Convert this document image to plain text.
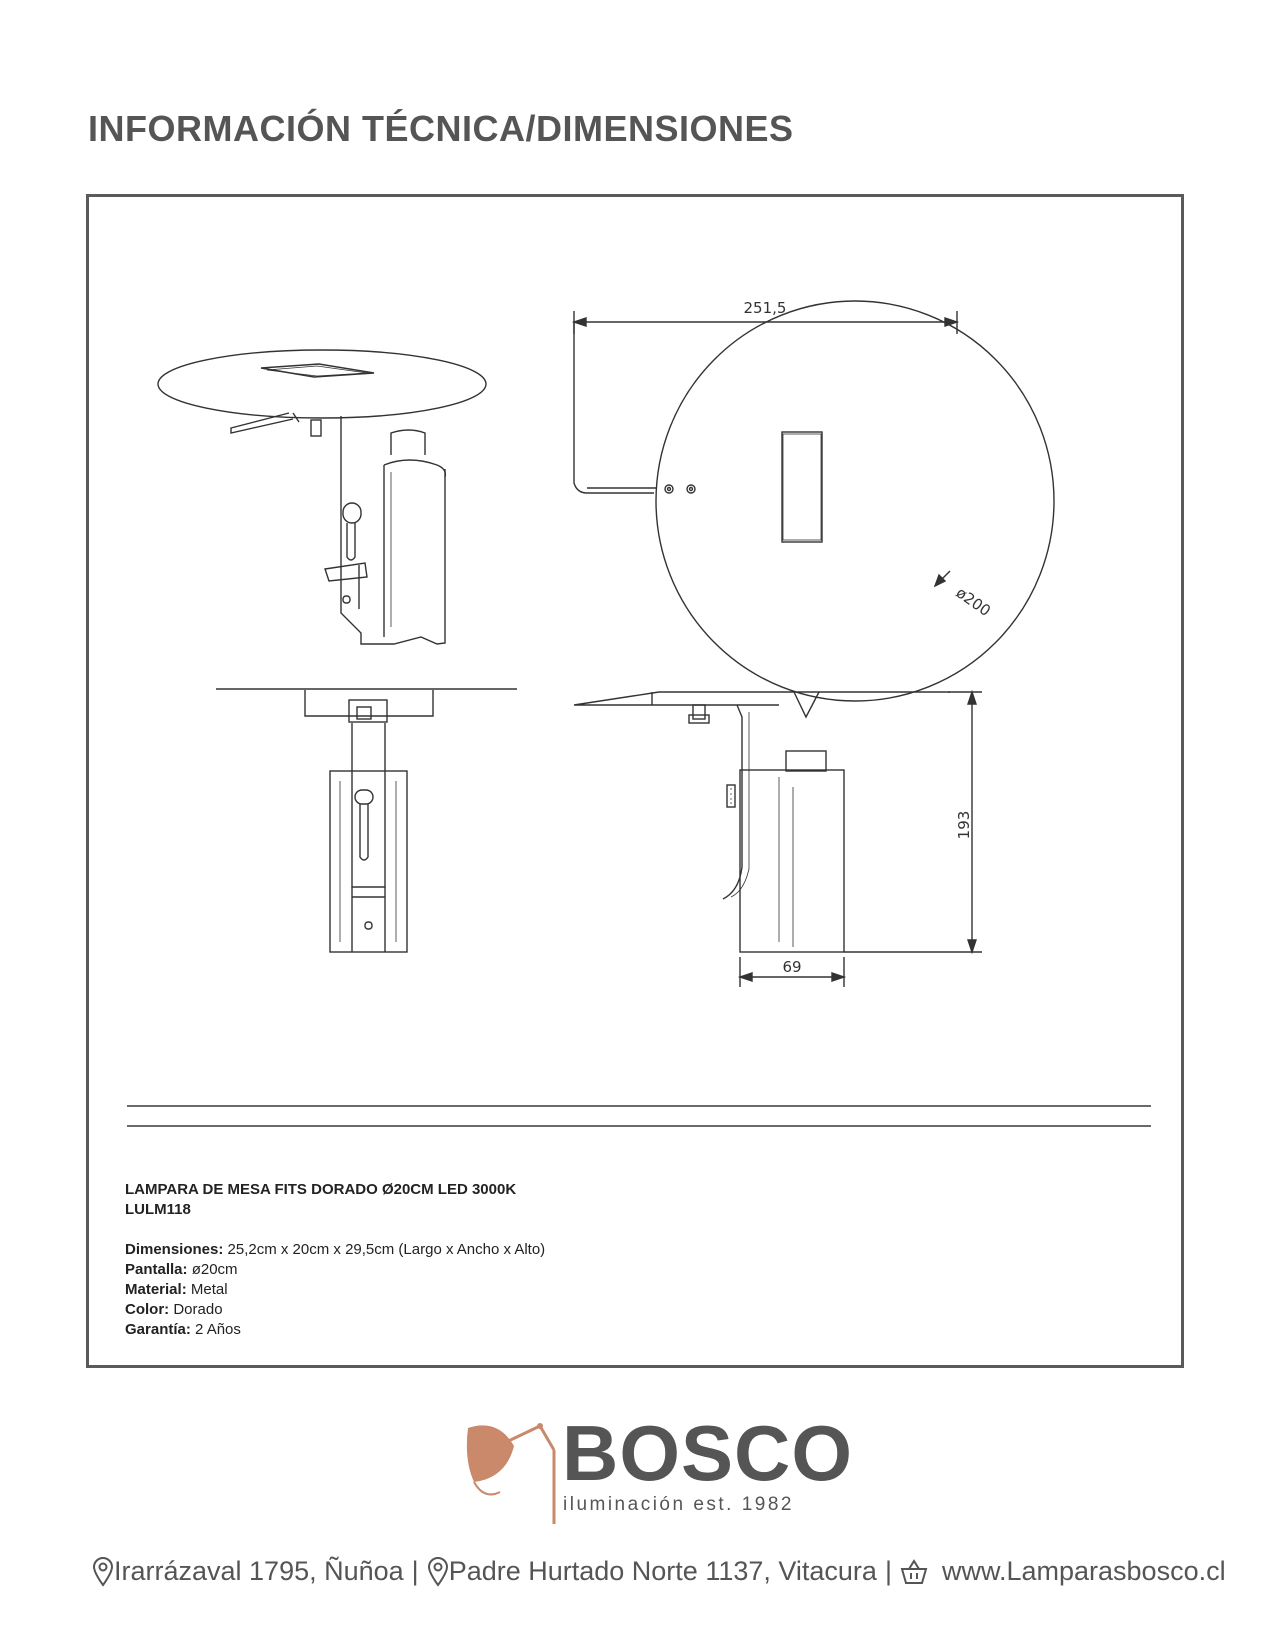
INFORMACIÓN TÉCNICA/DIMENSIONES
251,5
ø200
193
69
LAMPARA DE MESA FITS DORADO Ø20CM LED 3000K
LULM118
Dimensiones: 25,2cm x 20cm x 29,5cm (Largo x Ancho x Alto)
Pantalla: ø20cm
Material: Metal
Color: Dorado
Garantía: 2 Años
BOSCO
iluminación est. 1982
Irarrázaval 1795, Ñuñoa | Padre Hurtado Norte 1137, Vitacura | www.Lamparasbosco.cl
